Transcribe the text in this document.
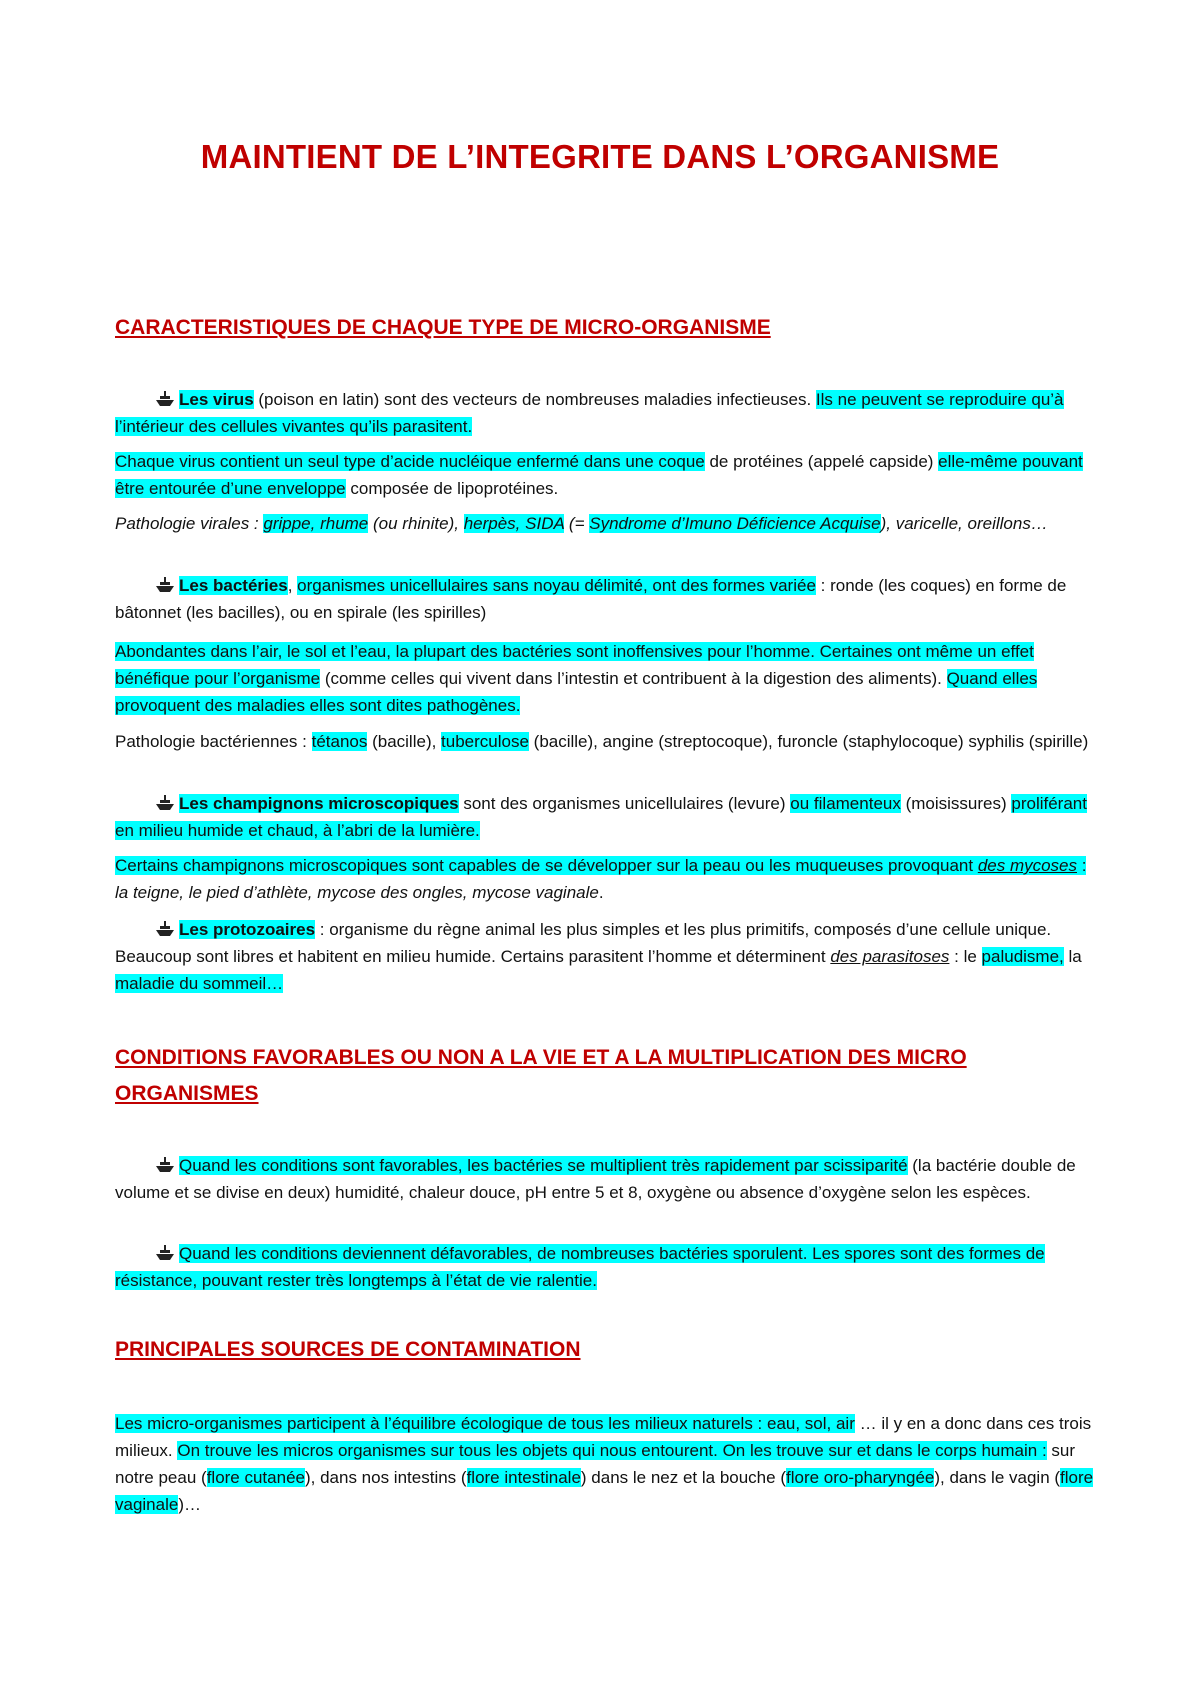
MAINTIENT DE L’INTEGRITE DANS L’ORGANISME
CARACTERISTIQUES DE CHAQUE TYPE DE MICRO-ORGANISME

Les virus (poison en latin) sont des vecteurs de nombreuses maladies infectieuses. Ils ne peuvent se reproduire qu’à l’intérieur des cellules vivantes qu’ils parasitent.

Chaque virus contient un seul type d’acide nucléique enfermé dans une coque de protéines (appelé capside) elle-même pouvant être entourée d’une enveloppe composée de lipoprotéines.

Pathologie virales : grippe, rhume (ou rhinite), herpès, SIDA (= Syndrome d’Imuno Déficience Acquise), varicelle, oreillons…

Les bactéries, organismes unicellulaires sans noyau délimité, ont des formes variée : ronde (les coques) en forme de bâtonnet (les bacilles), ou en spirale (les spirilles)

Abondantes dans l’air, le sol et l’eau, la plupart des bactéries sont inoffensives pour l’homme. Certaines ont même un effet bénéfique pour l’organisme (comme celles qui vivent dans l’intestin et contribuent à la digestion des aliments). Quand elles provoquent des maladies elles sont dites pathogènes.

Pathologie bactériennes : tétanos (bacille), tuberculose (bacille), angine (streptocoque), furoncle (staphylocoque) syphilis (spirille)

Les champignons microscopiques sont des organismes unicellulaires (levure) ou filamenteux (moisissures) proliférant en milieu humide et chaud, à l’abri de la lumière.

Certains champignons microscopiques sont capables de se développer sur la peau ou les muqueuses provoquant des mycoses : la teigne, le pied d’athlète, mycose des ongles, mycose vaginale.

Les protozoaires : organisme du règne animal les plus simples et les plus primitifs, composés d’une cellule unique. Beaucoup sont libres et habitent en milieu humide. Certains parasitent l’homme et déterminent des parasitoses : le paludisme, la maladie du sommeil…

CONDITIONS FAVORABLES OU NON A LA VIE ET A LA MULTIPLICATION DES MICRO ORGANISMES

Quand les conditions sont favorables, les bactéries se multiplient très rapidement par scissiparité (la bactérie double de volume et se divise en deux) humidité, chaleur douce, pH entre 5 et 8, oxygène ou absence d’oxygène selon les espèces.

Quand les conditions deviennent défavorables, de nombreuses bactéries sporulent. Les spores sont des formes de résistance, pouvant rester très longtemps à l’état de vie ralentie.

PRINCIPALES SOURCES DE CONTAMINATION

Les micro-organismes participent à l’équilibre écologique de tous les milieux naturels : eau, sol, air … il y en a donc dans ces trois milieux. On trouve les micros organismes sur tous les objets qui nous entourent. On les trouve sur et dans le corps humain : sur notre peau (flore cutanée), dans nos intestins (flore intestinale) dans le nez et la bouche (flore oro-pharyngée), dans le vagin (flore vaginale)…
